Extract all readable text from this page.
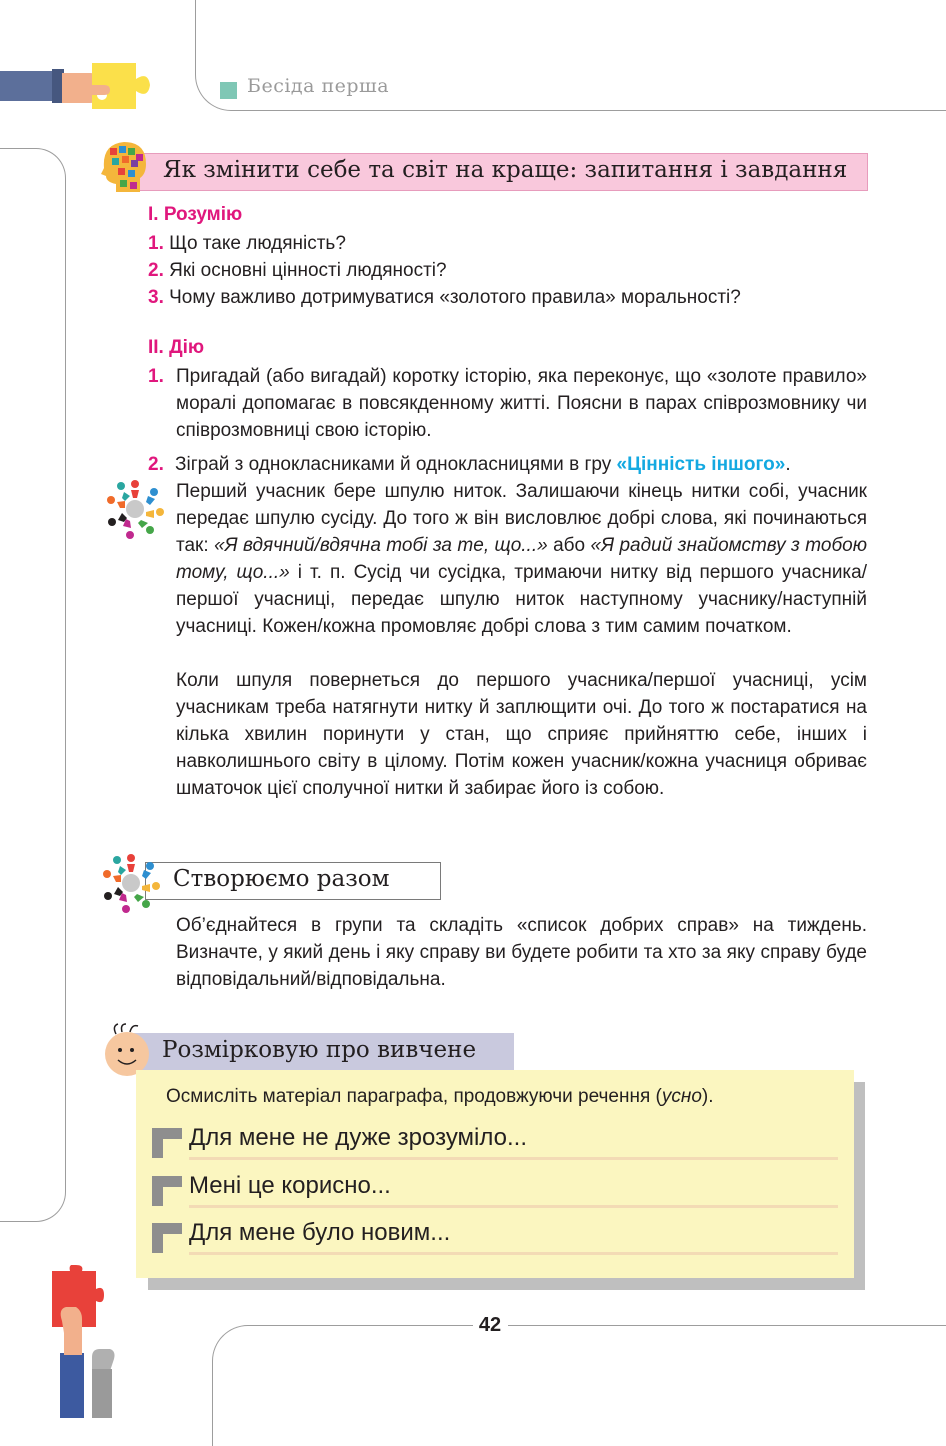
Бесіда перша
Як змінити себе та світ на краще: запитання і завдання
І. Розумію
1. Що таке людяність?
2. Які основні цінності людяності?
3. Чому важливо дотримуватися «золотого правила» моральності?
ІІ. Дію
1. Пригадай (або вигадай) коротку історію, яка переконує, що «золоте правило» моралі допомагає в повсякденному житті. Поясни в парах співрозмовнику чи співрозмовниці свою історію.
2. Зіграй з однокласниками й однокласницями в гру «Цінність іншого».
Перший учасник бере шпулю ниток. Залишаючи кінець нитки собі, учасник передає шпулю сусіду. До того ж він висловлює добрі слова, які починаються так: «Я вдячний/вдячна тобі за те, що...» або «Я радий знайомству з тобою тому, що...» і т. п. Сусід чи сусідка, тримаючи нитку від першого учасника/першої учасниці, передає шпулю ниток наступному учаснику/наступній учасниці. Кожен/кожна промовляє добрі слова з тим самим початком.
Коли шпуля повернеться до першого учасника/першої учасниці, усім учасникам треба натягнути нитку й заплющити очі. До того ж постаратися на кілька хвилин поринути у стан, що сприяє прийняттю себе, інших і навколишнього світу в цілому. Потім кожен учасник/кожна учасниця обриває шматочок цієї сполучної нитки й забирає його із собою.
Створюємо разом
Об’єднайтеся в групи та складіть «список добрих справ» на тиждень. Визначте, у який день і яку справу ви будете робити та хто за яку справу буде відповідальний/відповідальна.
Розмірковую про вивчене
Осмисліть матеріал параграфа, продовжуючи речення (усно).
Для мене не дуже зрозуміло...
Мені це корисно...
Для мене було новим...
42
